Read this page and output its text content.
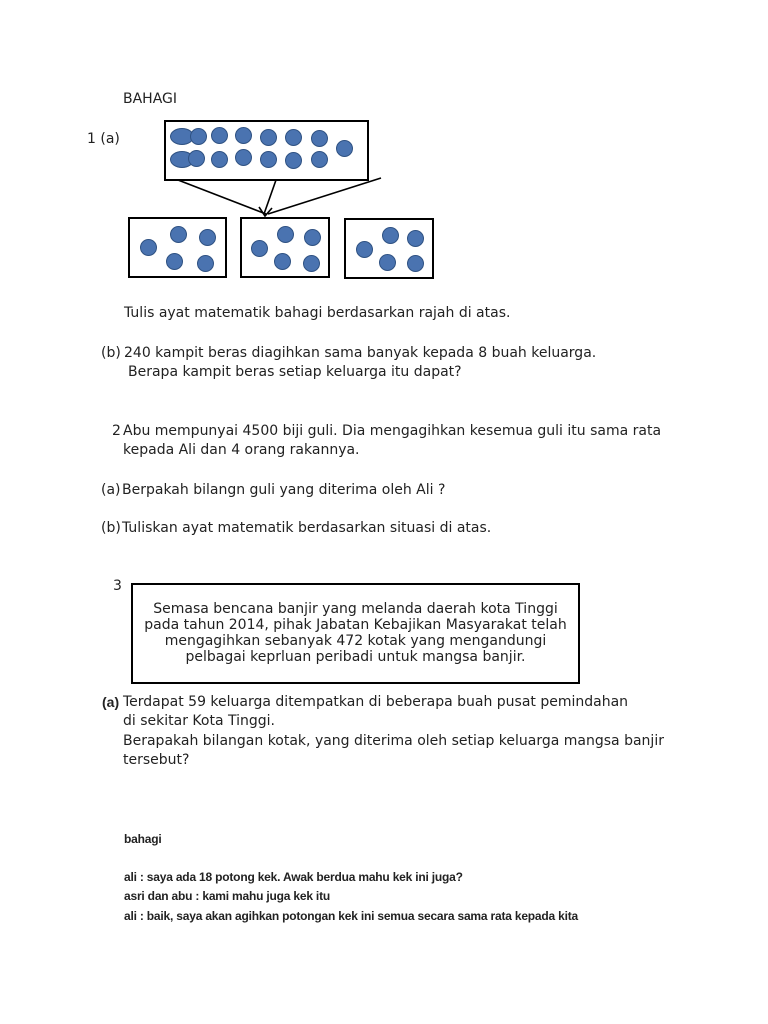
BAHAGI
1 (a)
Tulis ayat matematik bahagi berdasarkan rajah di atas.
(b) 240 kampit beras diagihkan sama banyak kepada 8 buah keluarga.
Berapa kampit beras setiap keluarga itu dapat?
2 Abu mempunyai 4500 biji guli. Dia mengagihkan kesemua guli itu sama rata
kepada Ali dan 4 orang rakannya.
(a) Berpakah bilangn guli yang diterima oleh Ali ?
(b) Tuliskan ayat matematik berdasarkan situasi di atas.
3
Semasa bencana banjir yang melanda daerah kota Tinggi
pada tahun 2014, pihak Jabatan Kebajikan Masyarakat telah
mengagihkan sebanyak 472 kotak yang mengandungi
pelbagai keprluan peribadi untuk mangsa banjir.
(a) Terdapat 59 keluarga ditempatkan di beberapa buah pusat pemindahan
di sekitar Kota Tinggi.
Berapakah bilangan kotak, yang diterima oleh setiap keluarga mangsa banjir
tersebut?
bahagi
ali : saya ada 18 potong kek. Awak berdua mahu kek ini juga?
asri dan abu : kami mahu juga kek itu
ali : baik, saya akan agihkan potongan kek ini semua secara sama rata kepada kita
